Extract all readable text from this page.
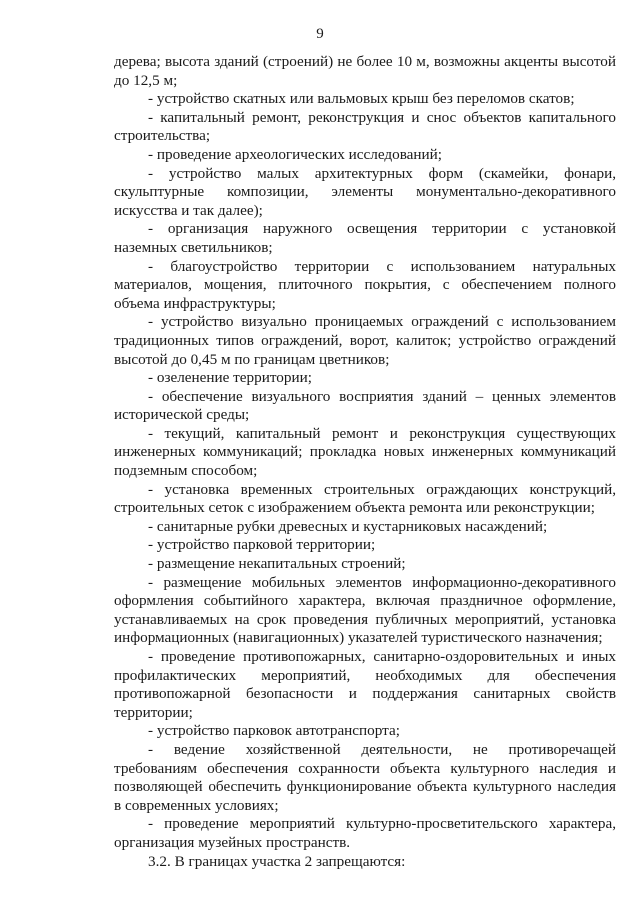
9

дерева; высота зданий (строений) не более 10 м, возможны акценты высотой до 12,5 м;

- устройство скатных или вальмовых крыш без переломов скатов;

- капитальный ремонт, реконструкция и снос объектов капитального строительства;

- проведение археологических исследований;

- устройство малых архитектурных форм (скамейки, фонари, скульптурные композиции, элементы монументально-декоративного искусства и так далее);

- организация наружного освещения территории с установкой наземных светильников;

- благоустройство территории с использованием натуральных материалов, мощения, плиточного покрытия, с обеспечением полного объема инфраструктуры;

- устройство визуально проницаемых ограждений с использованием традиционных типов ограждений, ворот, калиток; устройство ограждений высотой до 0,45 м по границам цветников;

- озеленение территории;

- обеспечение визуального восприятия зданий – ценных элементов исторической среды;

- текущий, капитальный ремонт и реконструкция существующих инженерных коммуникаций; прокладка новых инженерных коммуникаций подземным способом;

- установка временных строительных ограждающих конструкций, строительных сеток с изображением объекта ремонта или реконструкции;

- санитарные рубки древесных и кустарниковых насаждений;

- устройство парковой территории;

- размещение некапитальных строений;

- размещение мобильных элементов информационно-декоративного оформления событийного характера, включая праздничное оформление, устанавливаемых на срок проведения публичных мероприятий, установка информационных (навигационных) указателей туристического назначения;

- проведение противопожарных, санитарно-оздоровительных и иных профилактических мероприятий, необходимых для обеспечения противопожарной безопасности и поддержания санитарных свойств территории;

- устройство парковок автотранспорта;

- ведение хозяйственной деятельности, не противоречащей требованиям обеспечения сохранности объекта культурного наследия и позволяющей обеспечить функционирование объекта культурного наследия в современных условиях;

- проведение мероприятий культурно-просветительского характера, организация музейных пространств.

3.2. В границах участка 2 запрещаются:
